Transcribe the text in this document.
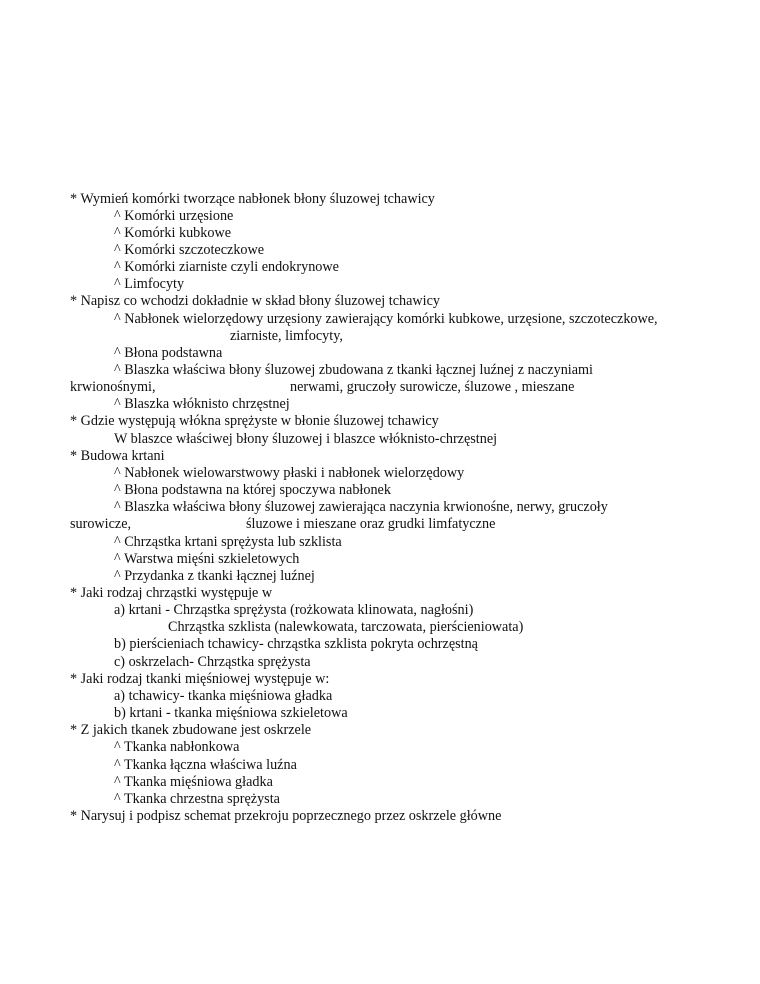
* Wymień komórki tworzące nabłonek błony śluzowej tchawicy
^ Komórki urzęsione
^ Komórki kubkowe
^ Komórki szczoteczkowe
^ Komórki ziarniste czyli endokrynowe
^ Limfocyty
* Napisz co wchodzi dokładnie w skład błony śluzowej tchawicy
^ Nabłonek wielorzędowy urzęsiony zawierający komórki kubkowe, urzęsione, szczoteczkowe,
ziarniste, limfocyty,
^ Błona podstawna
^ Blaszka właściwa błony śluzowej zbudowana z tkanki łącznej luźnej z naczyniami
krwionośnymi,	nerwami, gruczoły surowicze, śluzowe , mieszane
^ Blaszka włóknisto chrzęstnej
* Gdzie występują włókna sprężyste w błonie śluzowej tchawicy
W blaszce właściwej błony śluzowej i blaszce włóknisto-chrzęstnej
* Budowa krtani
^ Nabłonek wielowarstwowy płaski i nabłonek wielorzędowy
^ Błona podstawna na której spoczywa nabłonek
^ Blaszka właściwa błony śluzowej zawierająca naczynia krwionośne, nerwy, gruczoły
surowicze,	śluzowe i mieszane oraz grudki limfatyczne
^ Chrząstka krtani sprężysta lub szklista
^ Warstwa mięśni szkieletowych
^ Przydanka z tkanki łącznej luźnej
* Jaki rodzaj chrząstki występuje w
a) krtani - Chrząstka sprężysta (rożkowata klinowata, nagłośni)
Chrząstka szklista (nalewkowata, tarczowata, pierścieniowata)
b) pierścieniach tchawicy- chrząstka szklista pokryta ochrzęstną
c) oskrzelach- Chrząstka sprężysta
* Jaki rodzaj tkanki mięśniowej występuje w:
a) tchawicy- tkanka mięśniowa gładka
b) krtani - tkanka mięśniowa szkieletowa
* Z jakich tkanek zbudowane jest oskrzele
^ Tkanka nabłonkowa
^ Tkanka łączna właściwa luźna
^ Tkanka mięśniowa gładka
^ Tkanka chrzestna sprężysta
* Narysuj i podpisz schemat przekroju poprzecznego przez oskrzele główne
